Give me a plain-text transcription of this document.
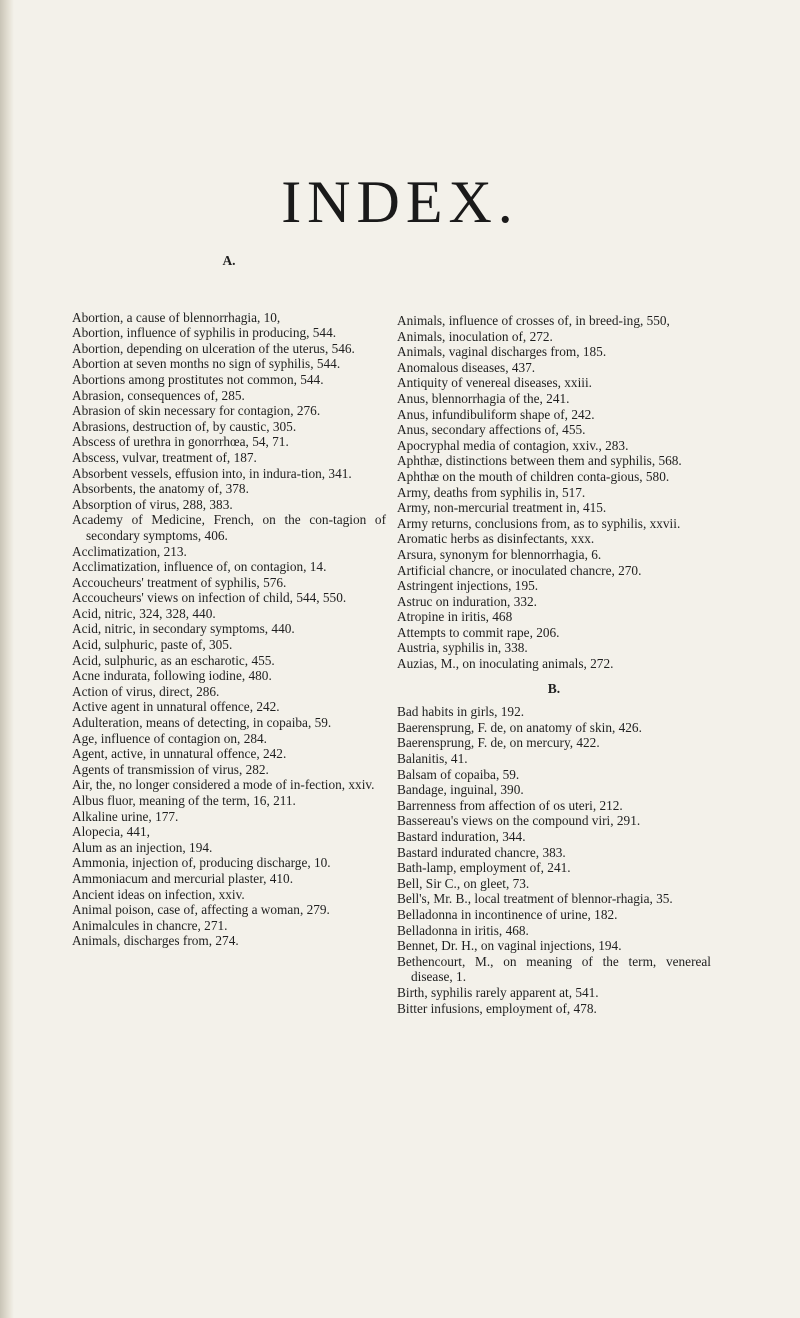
INDEX.
A.

Abortion, a cause of blennorrhagia, 10,

Abortion, influence of syphilis in producing, 544.

Abortion, depending on ulceration of the uterus, 546.

Abortion at seven months no sign of syphilis, 544.

Abortions among prostitutes not common, 544.

Abrasion, consequences of, 285.

Abrasion of skin necessary for contagion, 276.

Abrasions, destruction of, by caustic, 305.

Abscess of urethra in gonorrhœa, 54, 71.

Abscess, vulvar, treatment of, 187.

Absorbent vessels, effusion into, in indura-tion, 341.

Absorbents, the anatomy of, 378.

Absorption of virus, 288, 383.

Academy of Medicine, French, on the con-tagion of secondary symptoms, 406.

Acclimatization, 213.

Acclimatization, influence of, on contagion, 14.

Accoucheurs' treatment of syphilis, 576.

Accoucheurs' views on infection of child, 544, 550.

Acid, nitric, 324, 328, 440.

Acid, nitric, in secondary symptoms, 440.

Acid, sulphuric, paste of, 305.

Acid, sulphuric, as an escharotic, 455.

Acne indurata, following iodine, 480.

Action of virus, direct, 286.

Active agent in unnatural offence, 242.

Adulteration, means of detecting, in copaiba, 59.

Age, influence of contagion on, 284.

Agent, active, in unnatural offence, 242.

Agents of transmission of virus, 282.

Air, the, no longer considered a mode of in-fection, xxiv.

Albus fluor, meaning of the term, 16, 211.

Alkaline urine, 177.

Alopecia, 441,

Alum as an injection, 194.

Ammonia, injection of, producing discharge, 10.

Ammoniacum and mercurial plaster, 410.

Ancient ideas on infection, xxiv.

Animal poison, case of, affecting a woman, 279.

Animalcules in chancre, 271.

Animals, discharges from, 274.

Animals, influence of crosses of, in breed-ing, 550,

Animals, inoculation of, 272.

Animals, vaginal discharges from, 185.

Anomalous diseases, 437.

Antiquity of venereal diseases, xxiii.

Anus, blennorrhagia of the, 241.

Anus, infundibuliform shape of, 242.

Anus, secondary affections of, 455.

Apocryphal media of contagion, xxiv., 283.

Aphthæ, distinctions between them and syphilis, 568.

Aphthæ on the mouth of children conta-gious, 580.

Army, deaths from syphilis in, 517.

Army, non-mercurial treatment in, 415.

Army returns, conclusions from, as to syphilis, xxvii.

Aromatic herbs as disinfectants, xxx.

Arsura, synonym for blennorrhagia, 6.

Artificial chancre, or inoculated chancre, 270.

Astringent injections, 195.

Astruc on induration, 332.

Atropine in iritis, 468

Attempts to commit rape, 206.

Austria, syphilis in, 338.

Auzias, M., on inoculating animals, 272.

B.

Bad habits in girls, 192.

Baerensprung, F. de, on anatomy of skin, 426.

Baerensprung, F. de, on mercury, 422.

Balanitis, 41.

Balsam of copaiba, 59.

Bandage, inguinal, 390.

Barrenness from affection of os uteri, 212.

Bassereau's views on the compound viri, 291.

Bastard induration, 344.

Bastard indurated chancre, 383.

Bath-lamp, employment of, 241.

Bell, Sir C., on gleet, 73.

Bell's, Mr. B., local treatment of blennor-rhagia, 35.

Belladonna in incontinence of urine, 182.

Belladonna in iritis, 468.

Bennet, Dr. H., on vaginal injections, 194.

Bethencourt, M., on meaning of the term, venereal disease, 1.

Birth, syphilis rarely apparent at, 541.

Bitter infusions, employment of, 478.
